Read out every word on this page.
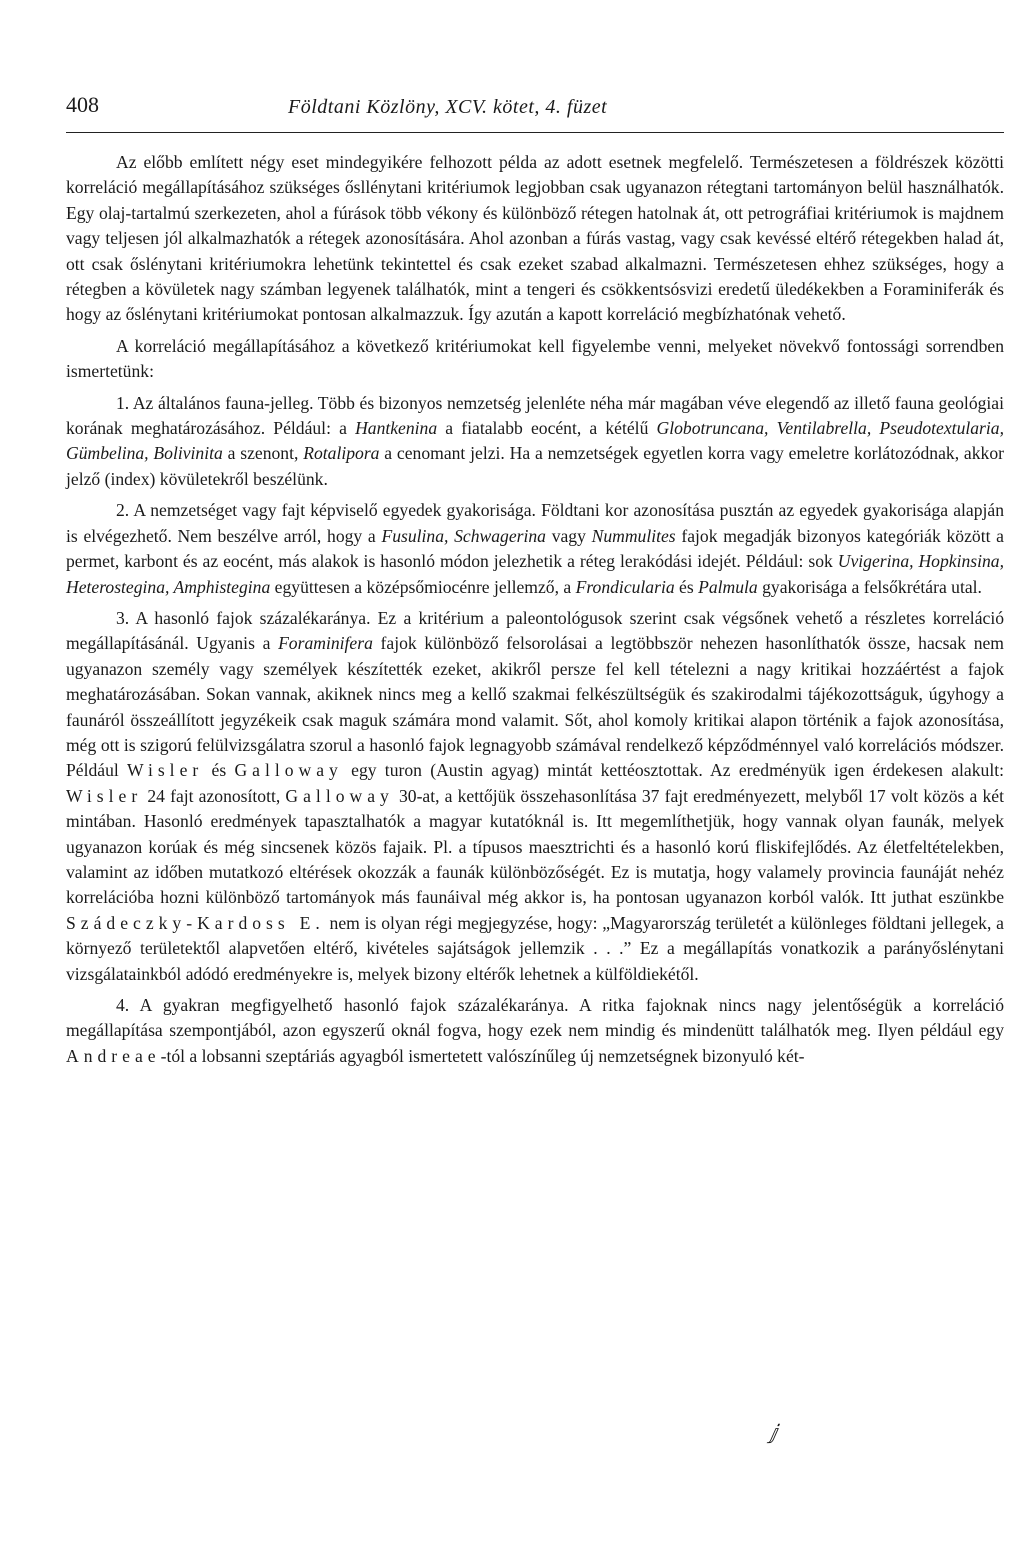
408	Földtani Közlöny, XCV. kötet, 4. füzet

Az előbb említett négy eset mindegyikére felhozott példa az adott esetnek megfelelő. Természetesen a földrészek közötti korreláció megállapításához szükséges ősllénytani kritériumok legjobban csak ugyanazon rétegtani tartományon belül használhatók. Egy olaj-tartalmú szerkezeten, ahol a fúrások több vékony és különböző rétegen hatolnak át, ott petrográfiai kritériumok is majdnem vagy teljesen jól alkalmazhatók a rétegek azonosítására. Ahol azonban a fúrás vastag, vagy csak kevéssé eltérő rétegekben halad át, ott csak őslénytani kritériumokra lehetünk tekintettel és csak ezeket szabad alkalmazni. Természetesen ehhez szükséges, hogy a rétegben a kövületek nagy számban legyenek találhatók, mint a tengeri és csökkentsósvizi eredetű üledékekben a Foraminiferák és hogy az őslénytani kritériumokat pontosan alkalmazzuk. Így azután a kapott korreláció megbízhatónak vehető.

A korreláció megállapításához a következő kritériumokat kell figyelembe venni, melyeket növekvő fontossági sorrendben ismertetünk:

1. Az általános fauna-jelleg. Több és bizonyos nemzetség jelenléte néha már magában véve elegendő az illető fauna geológiai korának meghatározásához. Például: a Hantkenina a fiatalabb eocént, a kétélű Globotruncana, Ventilabrella, Pseudotextularia, Gümbelina, Bolivinita a szenont, Rotalipora a cenomant jelzi. Ha a nemzetségek egyetlen korra vagy emeletre korlátozódnak, akkor jelző (index) kövületekről beszélünk.

2. A nemzetséget vagy fajt képviselő egyedek gyakorisága. Földtani kor azonosítása pusztán az egyedek gyakorisága alapján is elvégezhető. Nem beszélve arról, hogy a Fusulina, Schwagerina vagy Nummulites fajok megadják bizonyos kategóriák között a permet, karbont és az eocént, más alakok is hasonló módon jelezhetik a réteg lerakódási idejét. Például: sok Uvigerina, Hopkinsina, Heterostegina, Amphistegina együttesen a középsőmiocénre jellemző, a Frondicularia és Palmula gyakorisága a felsőkrétára utal.

3. A hasonló fajok százalékaránya. Ez a kritérium a paleontológusok szerint csak végsőnek vehető a részletes korreláció megállapításánál. Ugyanis a Foraminifera fajok különböző felsorolásai a legtöbbször nehezen hasonlíthatók össze, hacsak nem ugyanazon személy vagy személyek készítették ezeket, akikről persze fel kell tételezni a nagy kritikai hozzáértést a fajok meghatározásában. Sokan vannak, akiknek nincs meg a kellő szakmai felkészültségük és szakirodalmi tájékozottságuk, úgyhogy a faunáról összeállított jegyzékeik csak maguk számára mond valamit. Sőt, ahol komoly kritikai alapon történik a fajok azonosítása, még ott is szigorú felülvizsgálatra szorul a hasonló fajok legnagyobb számával rendelkező képződménnyel való korrelációs módszer. Például Wisler és Galloway egy turon (Austin agyag) mintát kettéosztottak. Az eredményük igen érdekesen alakult: Wisler 24 fajt azonosított, Galloway 30-at, a kettőjük összehasonlítása 37 fajt eredményezett, melyből 17 volt közös a két mintában. Hasonló eredmények tapasztalhatók a magyar kutatóknál is. Itt megemlíthetjük, hogy vannak olyan faunák, melyek ugyanazon korúak és még sincsenek közös fajaik. Pl. a típusos maesztrichti és a hasonló korú fliskifejlődés. Az életfeltételekben, valamint az időben mutatkozó eltérések okozzák a faunák különbözőségét. Ez is mutatja, hogy valamely provincia faunáját nehéz korrelációba hozni különböző tartományok más faunáival még akkor is, ha pontosan ugyanazon korból valók. Itt juthat eszünkbe Szádeczky-Kardoss E. nem is olyan régi megjegyzése, hogy: „Magyarország területét a különleges földtani jellegek, a környező területektől alapvetően eltérő, kivételes sajátságok jellemzik . . .” Ez a megállapítás vonatkozik a parányőslénytani vizsgálatainkból adódó eredményekre is, melyek bizony eltérők lehetnek a külföldiekétől.

4. A gyakran megfigyelhető hasonló fajok százalékaránya. A ritka fajoknak nincs nagy jelentőségük a korreláció megállapítása szempontjából, azon egyszerű oknál fogva, hogy ezek nem mindig és mindenütt találhatók meg. Ilyen például egy Andreae-tól a lobsanni szeptáriás agyagból ismertetett valószínűleg új nemzetségnek bizonyuló két-

ⅉ
